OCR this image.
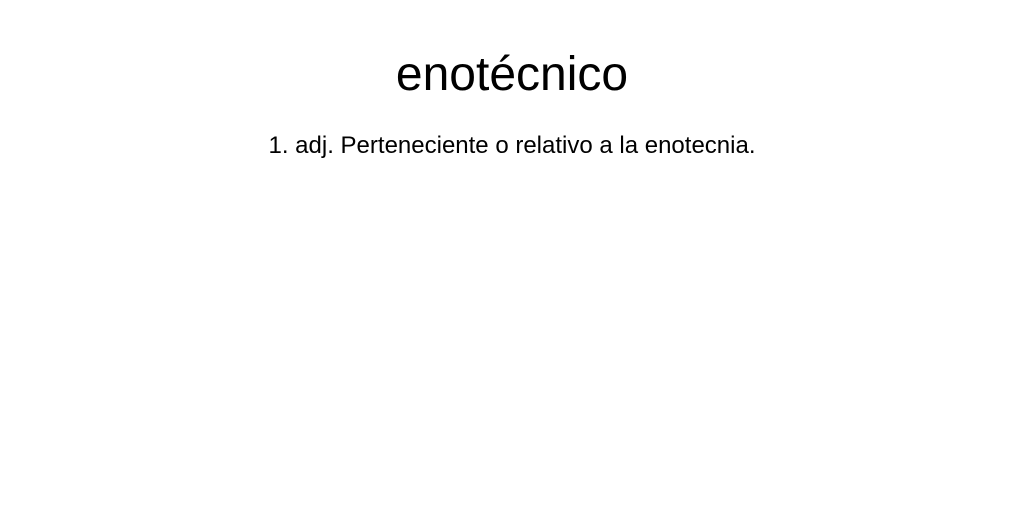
enotécnico

1. adj. Perteneciente o relativo a la enotecnia.
